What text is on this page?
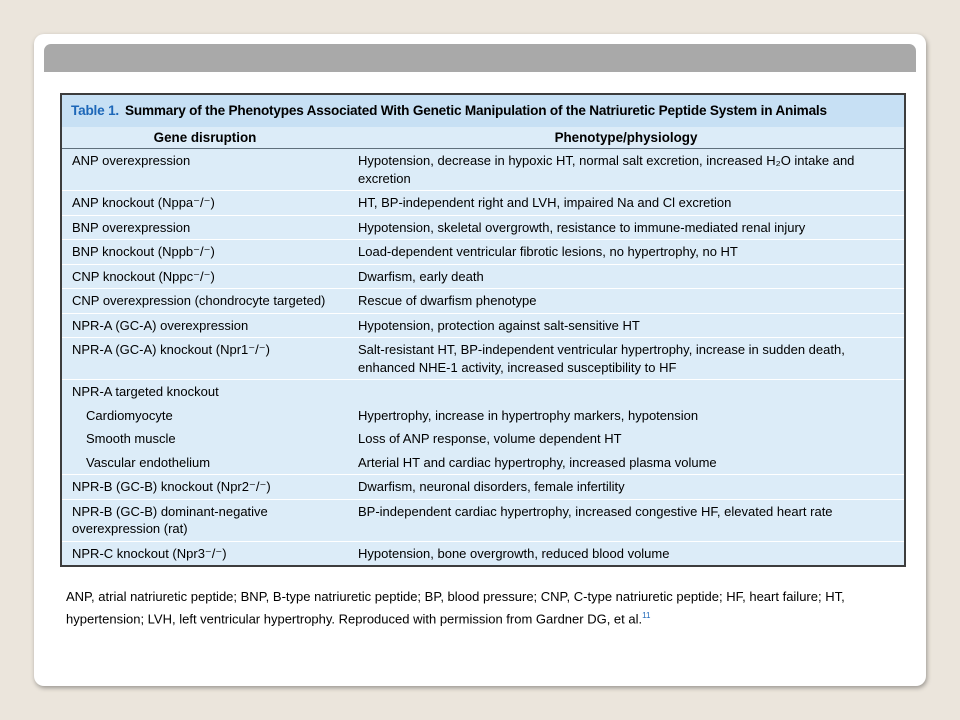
Table 1. Summary of the Phenotypes Associated With Genetic Manipulation of the Natriuretic Peptide System in Animals
Gene disruption	Phenotype/physiology
ANP overexpression	Hypotension, decrease in hypoxic HT, normal salt excretion, increased H₂O intake and excretion
ANP knockout (Nppa⁻/⁻)	HT, BP-independent right and LVH, impaired Na and Cl excretion
BNP overexpression	Hypotension, skeletal overgrowth, resistance to immune-mediated renal injury
BNP knockout (Nppb⁻/⁻)	Load-dependent ventricular fibrotic lesions, no hypertrophy, no HT
CNP knockout (Nppc⁻/⁻)	Dwarfism, early death
CNP overexpression (chondrocyte targeted)	Rescue of dwarfism phenotype
NPR-A (GC-A) overexpression	Hypotension, protection against salt-sensitive HT
NPR-A (GC-A) knockout (Npr1⁻/⁻)	Salt-resistant HT, BP-independent ventricular hypertrophy, increase in sudden death, enhanced NHE-1 activity, increased susceptibility to HF
NPR-A targeted knockout	
Cardiomyocyte	Hypertrophy, increase in hypertrophy markers, hypotension
Smooth muscle	Loss of ANP response, volume dependent HT
Vascular endothelium	Arterial HT and cardiac hypertrophy, increased plasma volume
NPR-B (GC-B) knockout (Npr2⁻/⁻)	Dwarfism, neuronal disorders, female infertility
NPR-B (GC-B) dominant-negative overexpression (rat)	BP-independent cardiac hypertrophy, increased congestive HF, elevated heart rate
NPR-C knockout (Npr3⁻/⁻)	Hypotension, bone overgrowth, reduced blood volume
ANP, atrial natriuretic peptide; BNP, B-type natriuretic peptide; BP, blood pressure; CNP, C-type natriuretic peptide; HF, heart failure; HT, hypertension; LVH, left ventricular hypertrophy. Reproduced with permission from Gardner DG, et al.$^{11}$
